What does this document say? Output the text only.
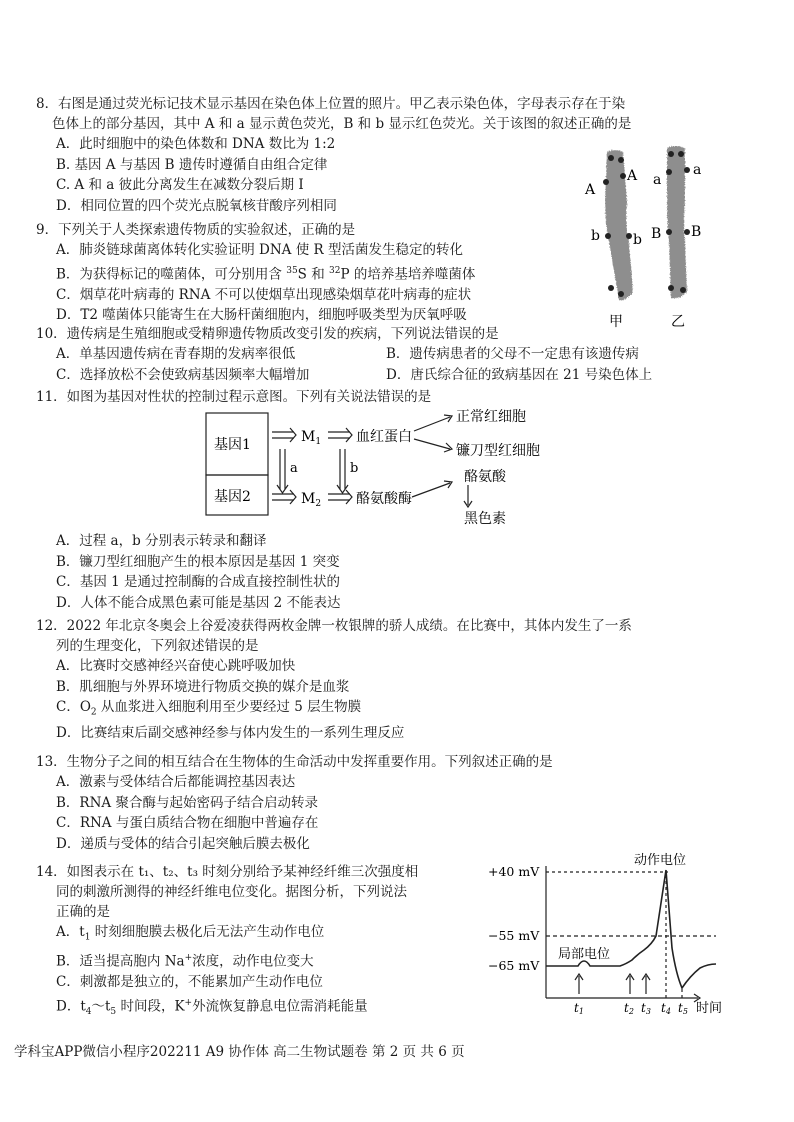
8．右图是通过荧光标记技术显示基因在染色体上位置的照片。甲乙表示染色体，字母表示存在于染
色体上的部分基因，其中 A 和 a 显示黄色荧光，B 和 b 显示红色荧光。关于该图的叙述正确的是
A．此时细胞中的染色体数和 DNA 数比为 1:2
B. 基因 A 与基因 B 遗传时遵循自由组合定律
C. A 和 a 彼此分离发生在减数分裂后期 I
D．相同位置的四个荧光点脱氧核苷酸序列相同
9．下列关于人类探索遗传物质的实验叙述，正确的是
A．肺炎链球菌离体转化实验证明 DNA 使 R 型活菌发生稳定的转化
B．为获得标记的噬菌体，可分别用含 $^{35}$S 和 $^{32}$P 的培养基培养噬菌体
C．烟草花叶病毒的 RNA 不可以使烟草出现感染烟草花叶病毒的症状
D．T2 噬菌体只能寄生在大肠杆菌细胞内，细胞呼吸类型为厌氧呼吸
A
A a
a
b b B B
甲	乙
10．遗传病是生殖细胞或受精卵遗传物质改变引发的疾病，下列说法错误的是
A．单基因遗传病在青春期的发病率很低	B．遗传病患者的父母不一定患有该遗传病
C．选择放松不会使致病基因频率大幅增加	D．唐氏综合征的致病基因在 21 号染色体上
11．如图为基因对性状的控制过程示意图。下列有关说法错误的是
基因1
基因2
$M_1$
$M_2$
a	b
血红蛋白
正常红细胞
镰刀型红细胞
酪氨酸酶
酪氨酸
黑色素
A．过程 a，b 分别表示转录和翻译
B．镰刀型红细胞产生的根本原因是基因 1 突变
C．基因 1 是通过控制酶的合成直接控制性状的
D．人体不能合成黑色素可能是基因 2 不能表达
12．2022 年北京冬奥会上谷爱凌获得两枚金牌一枚银牌的骄人成绩。在比赛中，其体内发生了一系
列的生理变化，下列叙述错误的是
A．比赛时交感神经兴奋使心跳呼吸加快
B．肌细胞与外界环境进行物质交换的媒介是血浆
C．$O_2$ 从血浆进入细胞利用至少要经过 5 层生物膜
D．比赛结束后副交感神经参与体内发生的一系列生理反应
13．生物分子之间的相互结合在生物体的生命活动中发挥重要作用。下列叙述正确的是
A．激素与受体结合后都能调控基因表达
B．RNA 聚合酶与起始密码子结合启动转录
C．RNA 与蛋白质结合物在细胞中普遍存在
D．递质与受体的结合引起突触后膜去极化
14．如图表示在 t₁、t₂、t₃ 时刻分别给予某神经纤维三次强度相
同的刺激所测得的神经纤维电位变化。据图分析，下列说法
正确的是
A．$t_1$ 时刻细胞膜去极化后无法产生动作电位
B．适当提高胞内 Na+浓度，动作电位变大
C．刺激都是独立的，不能累加产生动作电位
D．$t_4\sim t_5$ 时间段，K+外流恢复静息电位需消耗能量
+40 mV
−55 mV
−65 mV
动作电位
局部电位
t1	t2 t3 t4 t5 时间
学科宝APP微信小程序202211 A9 协作体 高二生物试题卷 第 2 页 共 6 页
